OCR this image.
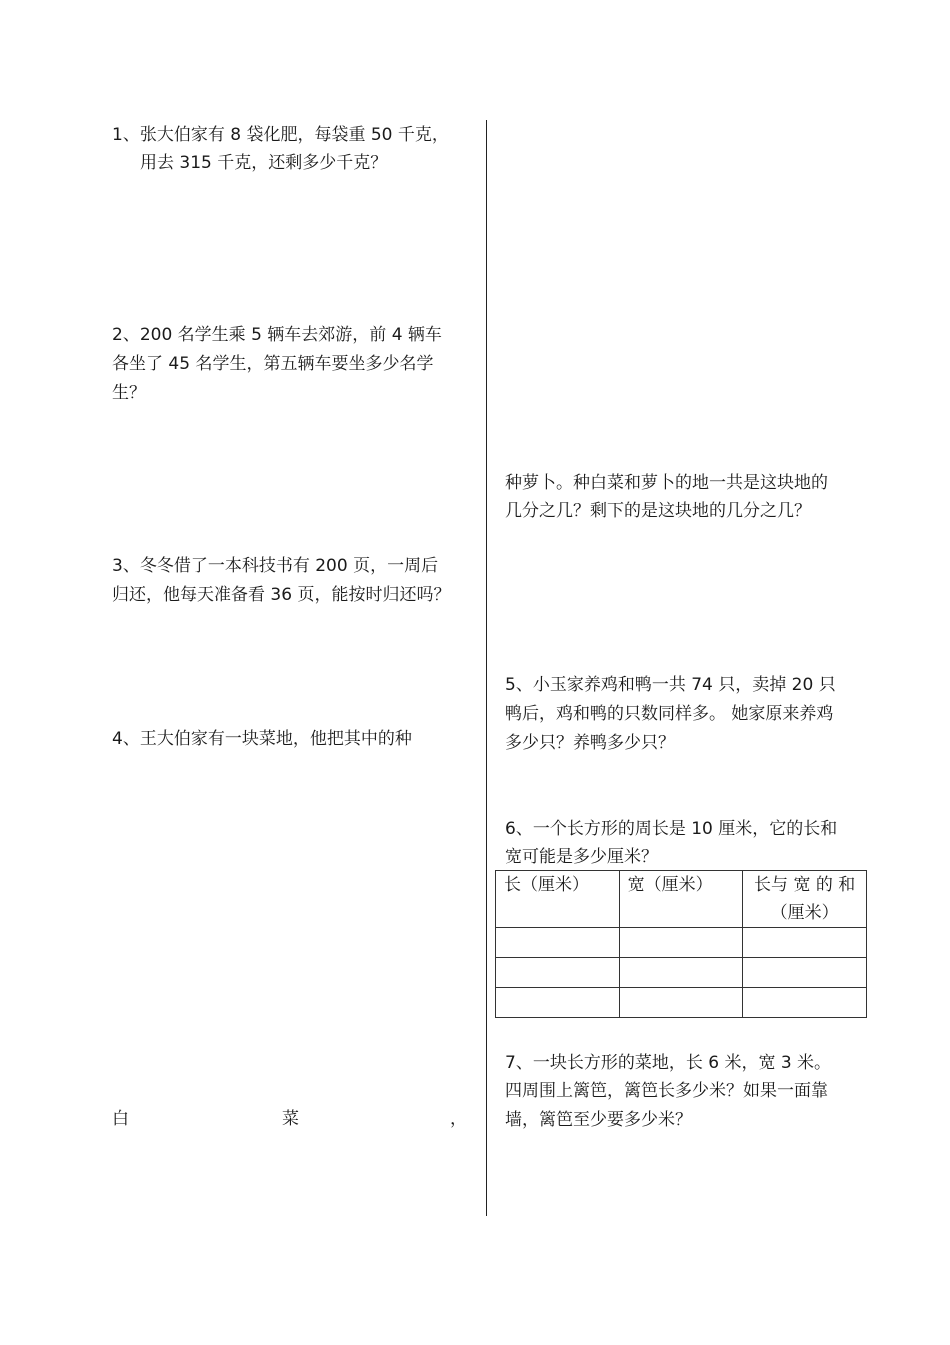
1、张大伯家有 8 袋化肥，每袋重 50 千克，
用去 315 千克，还剩多少千克？
2、200 名学生乘 5 辆车去郊游，前 4 辆车
各坐了 45 名学生，第五辆车要坐多少名学
生？
3、冬冬借了一本科技书有 200 页，一周后
归还，他每天准备看 36 页，能按时归还吗？
4、王大伯家有一块菜地，他把其中的种
白	菜	，
种萝卜。种白菜和萝卜的地一共是这块地的
几分之几？剩下的是这块地的几分之几？
5、小玉家养鸡和鸭一共 74 只，卖掉 20 只
鸭后，鸡和鸭的只数同样多。 她家原来养鸡
多少只？养鸭多少只？
6、一个长方形的周长是 10 厘米，它的长和
宽可能是多少厘米？
长（厘米）	宽（厘米）	长与 宽 的 和
（厘米）

7、一块长方形的菜地，长 6 米，宽 3 米。
四周围上篱笆，篱笆长多少米？如果一面靠
墙，篱笆至少要多少米？
